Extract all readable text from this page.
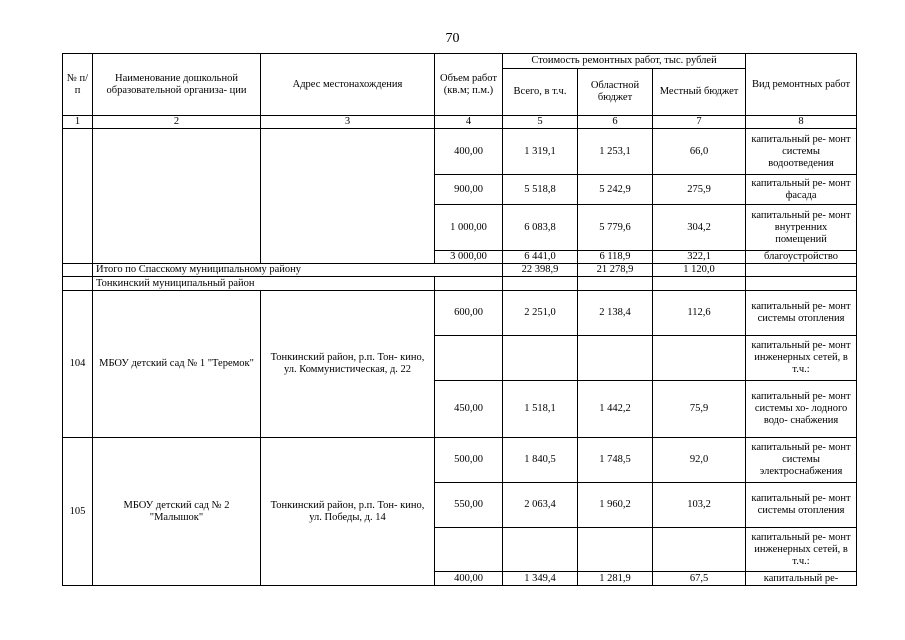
70
№ п/п	Наименование дошкольной образовательной организа- ции	Адрес местонахождения	Объем работ (кв.м; п.м.)	Стоимость ремонтных работ, тыс. рублей			Вид ремонтных работ
				Всего, в т.ч.	Областной бюджет	Местный бюджет	
1	2	3	4	5	6	7	8
			400,00	1 319,1	1 253,1	66,0	капитальный ре- монт системы водоотведения
			900,00	5 518,8	5 242,9	275,9	капитальный ре- монт фасада
			1 000,00	6 083,8	5 779,6	304,2	капитальный ре- монт внутренних помещений
			3 000,00	6 441,0	6 118,9	322,1	благоустройство
	Итого по Спасскому муниципальному району			22 398,9	21 278,9	1 120,0	
	Тонкинский муниципальный район						
104	МБОУ детский сад № 1 "Теремок"	Тонкинский район, р.п. Тон- кино, ул. Коммунистическая, д. 22	600,00	2 251,0	2 138,4	112,6	капитальный ре- монт системы отопления
							капитальный ре- монт инженерных сетей, в т.ч.:
			450,00	1 518,1	1 442,2	75,9	капитальный ре- монт системы хо- лодного водо- снабжения
105	МБОУ детский сад № 2 "Малышок"	Тонкинский район, р.п. Тон- кино, ул. Победы, д. 14	500,00	1 840,5	1 748,5	92,0	капитальный ре- монт системы электроснабжения
			550,00	2 063,4	1 960,2	103,2	капитальный ре- монт системы отопления
							капитальный ре- монт инженерных сетей, в т.ч.:
			400,00	1 349,4	1 281,9	67,5	капитальный ре-
